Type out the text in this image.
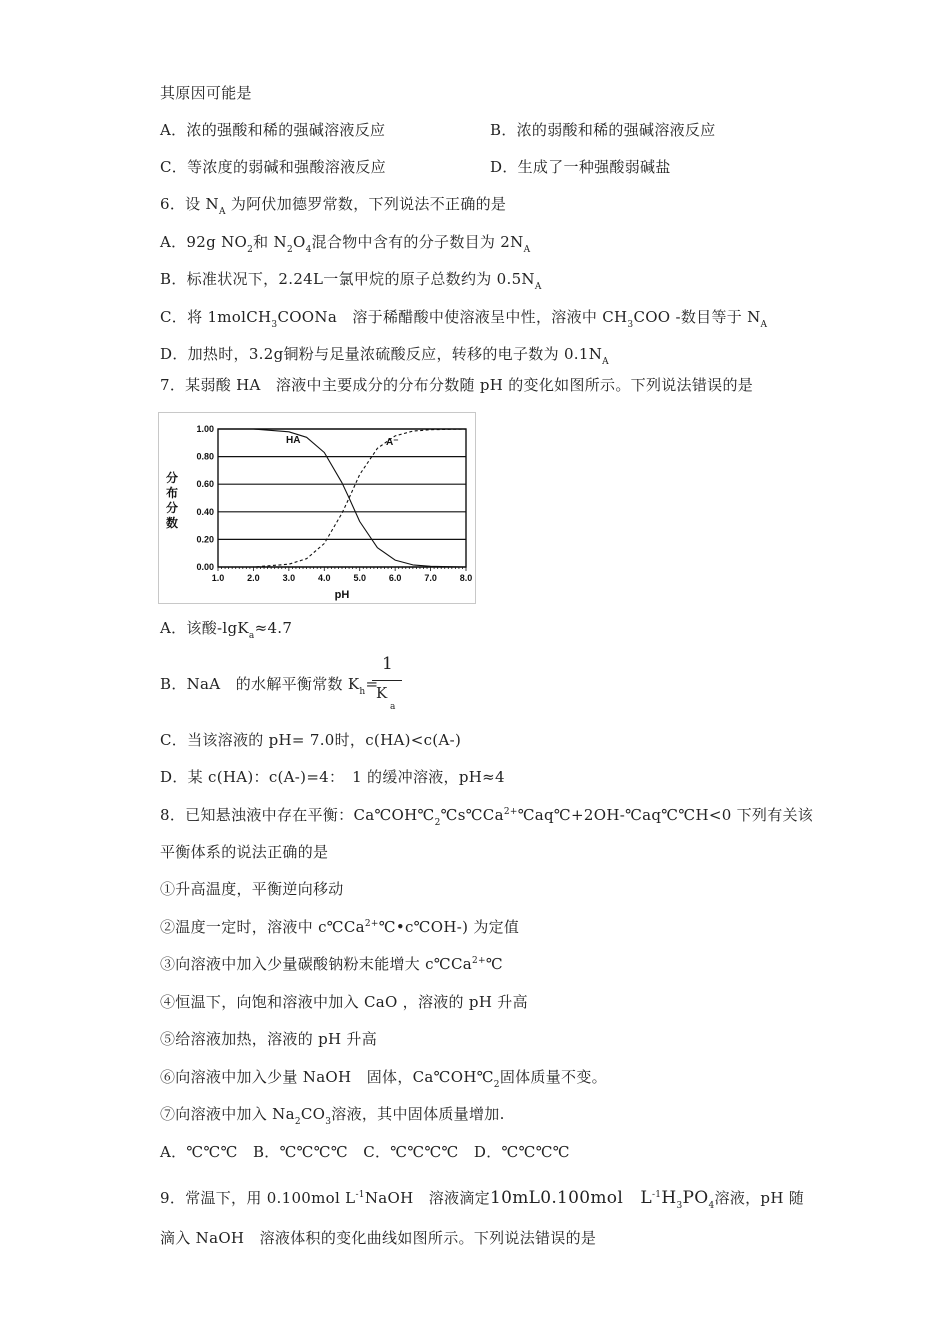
其原因可能是
A．浓的强酸和稀的强碱溶液反应	B．浓的弱酸和稀的强碱溶液反应
C．等浓度的弱碱和强酸溶液反应	D．生成了一种强酸弱碱盐
6．设 $N_A$ 为阿伏加德罗常数，下列说法不正确的是
A．92g $NO_2$和 $N_2O_4$混合物中含有的分子数目为 $2N_A$
B．标准状况下，2.24L一氯甲烷的原子总数约为 $0.5N_A$
C．将 1molCH$_3$COONa　溶于稀醋酸中使溶液呈中性，溶液中 $CH_3COO$ -数目等于 $N_A$
D．加热时，3.2g铜粉与足量浓硫酸反应，转移的电子数为 $0.1N_A$
7．某弱酸 HA　溶液中主要成分的分布分数随 pH 的变化如图所示。下列说法错误的是
0.00
0.20
0.40
0.60
0.80
1.00
1.0	2.0	3.0	4.0	5.0	6.0	7.0	8.0
pH
分
布
分
数
HA	A⁻
A．该酸-lgK$_a$≈4.7
B．NaA　的水解平衡常数 $K_h=$
1
K
a
C．当该溶液的 pH= 7.0时，c(HA)<c(A-)
D．某 c(HA)：c(A-)=4：　1 的缓冲溶液，pH≈4
8．已知悬浊液中存在平衡：$Ca℃OH℃_2℃s℃Ca^{2+}℃aq℃+2OH-℃aq℃℃H<0$ 下列有关该
平衡体系的说法正确的是
①升高温度，平衡逆向移动
②温度一定时，溶液中 $c℃Ca^{2+}℃•c℃OH-$) 为定值
③向溶液中加入少量碳酸钠粉末能增大 $c℃Ca^{2+}℃$
④恒温下，向饱和溶液中加入 CaO ，溶液的 pH 升高
⑤给溶液加热，溶液的 pH 升高
⑥向溶液中加入少量 NaOH　固体，$Ca℃OH℃_2$固体质量不变。
⑦向溶液中加入 $Na_2CO_3$溶液，其中固体质量增加.
A．℃℃℃　B．℃℃℃℃　C．℃℃℃℃　D．℃℃℃℃
9．常温下，用 0.100mol $L^{-1}NaOH$　溶液滴定10mL0.100mol　$L^{-1}H_3PO_4$溶液，pH 随
滴入 NaOH　溶液体积的变化曲线如图所示。下列说法错误的是
